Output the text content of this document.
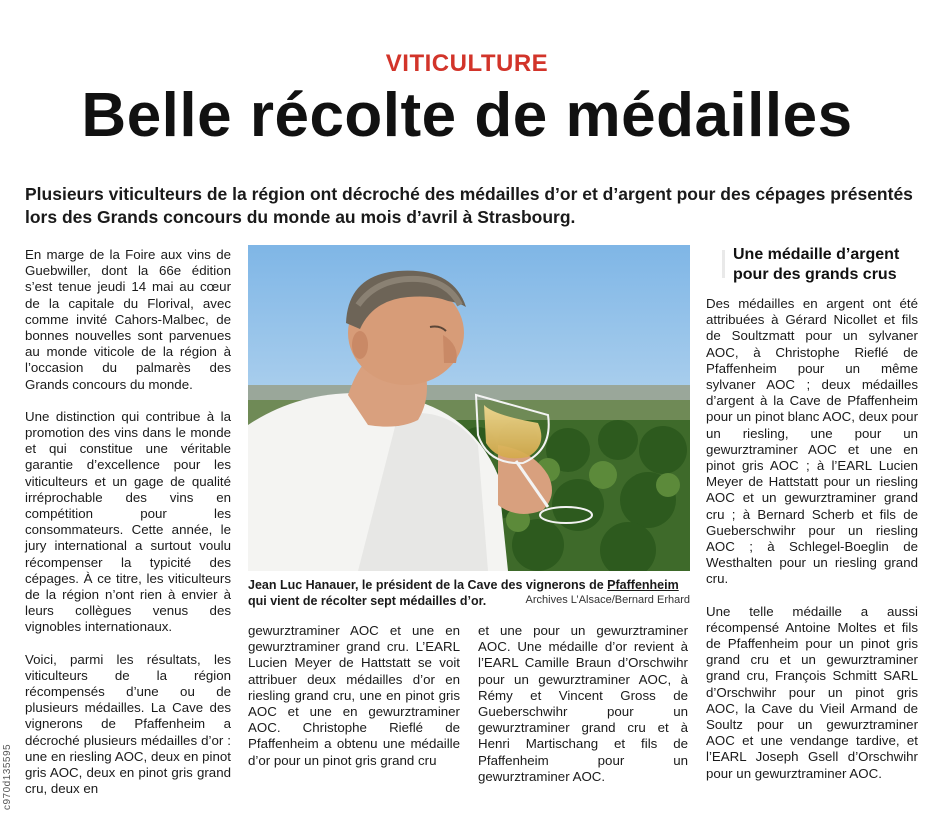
VITICULTURE
Belle récolte de médailles
Plusieurs viticulteurs de la région ont décroché des médailles d’or et d’argent pour des cépages présentés lors des Grands concours du monde au mois d’avril à Strasbourg.

En marge de la Foire aux vins de Guebwiller, dont la 66e édition s’est tenue jeudi 14 mai au cœur de la capitale du Florival, avec comme invité Cahors-Malbec, de bonnes nouvelles sont parvenues au monde viticole de la région à l’occasion du palmarès des Grands concours du monde.

Une distinction qui contribue à la promotion des vins dans le monde et qui constitue une véritable garantie d’excellence pour les viticulteurs et un gage de qualité irréprochable des vins en compétition pour les consommateurs. Cette année, le jury international a surtout voulu récompenser la typicité des cépages. À ce titre, les viticulteurs de la région n’ont rien à envier à leurs collègues venus des vignobles internationaux.

Voici, parmi les résultats, les viticulteurs de la région récompensés d’une ou de plusieurs médailles. La Cave des vignerons de Pfaffenheim a décroché plusieurs médailles d’or : une en riesling AOC, deux en pinot gris AOC, deux en pinot gris grand cru, deux en

Jean Luc Hanauer, le président de la Cave des vignerons de Pfaffenheim qui vient de récolter sept médailles d’or.	Archives L’Alsace/Bernard Erhard

gewurztraminer AOC et une en gewurztraminer grand cru. L’EARL Lucien Meyer de Hattstatt se voit attribuer deux médailles d’or en riesling grand cru, une en pinot gris AOC et une en gewurztraminer AOC. Christophe Rieflé de Pfaffenheim a obtenu une médaille d’or pour un pinot gris grand cru

et une pour un gewurztraminer AOC. Une médaille d’or revient à l’EARL Camille Braun d’Orschwihr pour un gewurztraminer AOC, à Rémy et Vincent Gross de Gueberschwihr pour un gewurztraminer grand cru et à Henri Martischang et fils de Pfaffenheim pour un gewurztraminer AOC.

Une médaille d’argent pour des grands crus

Des médailles en argent ont été attribuées à Gérard Nicollet et fils de Soultzmatt pour un sylvaner AOC, à Christophe Rieflé de Pfaffenheim pour un même sylvaner AOC ; deux médailles d’argent à la Cave de Pfaffenheim pour un pinot blanc AOC, deux pour un riesling, une pour un gewurztraminer AOC et une en pinot gris AOC ; à l’EARL Lucien Meyer de Hattstatt pour un riesling AOC et un gewurztraminer grand cru ; à Bernard Scherb et fils de Gueberschwihr pour un riesling AOC ; à Schlegel-Boeglin de Westhalten pour un riesling grand cru.

Une telle médaille a aussi récompensé Antoine Moltes et fils de Pfaffenheim pour un pinot gris grand cru et un gewurztraminer grand cru, François Schmitt SARL d’Orschwihr pour un pinot gris AOC, la Cave du Vieil Armand de Soultz pour un gewurztraminer AOC et une vendange tardive, et l’EARL Joseph Gsell d’Orschwihr pour un gewurztraminer AOC.

c970d135595
